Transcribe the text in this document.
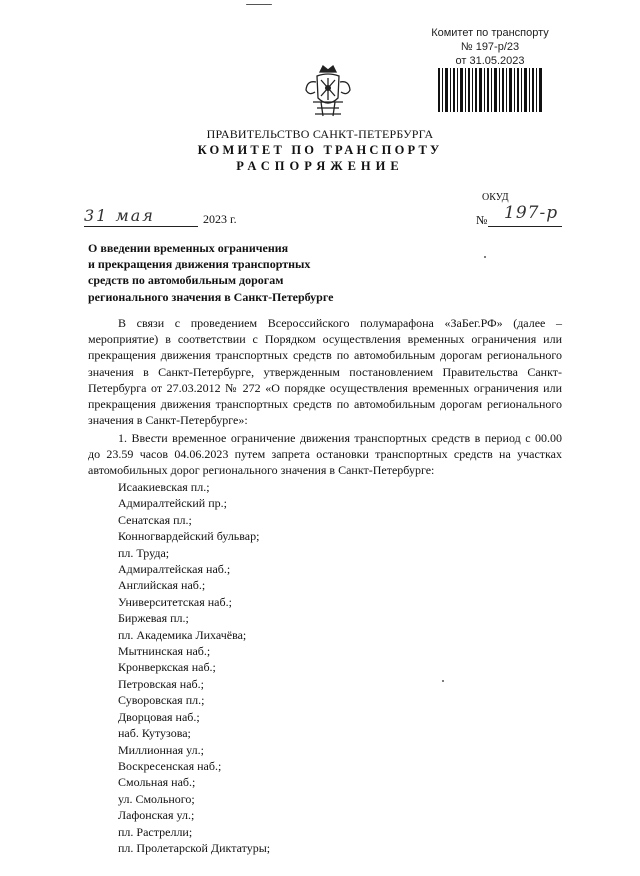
Комитет по транспорту
№ 197-р/23
от 31.05.2023
ПРАВИТЕЛЬСТВО САНКТ-ПЕТЕРБУРГА
КОМИТЕТ ПО ТРАНСПОРТУ
РАСПОРЯЖЕНИЕ
ОКУД
31 мая	2023 г.	№ 197-р
О введении временных ограничения
и прекращения движения транспортных
средств по автомобильным дорогам
регионального значения в Санкт-Петербурге
В связи с проведением Всероссийского полумарафона «ЗаБег.РФ» (далее – мероприятие) в соответствии с Порядком осуществления временных ограничения или прекращения движения транспортных средств по автомобильным дорогам регионального значения в Санкт-Петербурге, утвержденным постановлением Правительства Санкт-Петербурга от 27.03.2012 № 272 «О порядке осуществления временных ограничения или прекращения движения транспортных средств по автомобильным дорогам регионального значения в Санкт-Петербурге»:
1. Ввести временное ограничение движения транспортных средств в период с 00.00 до 23.59 часов 04.06.2023 путем запрета остановки транспортных средств на участках автомобильных дорог регионального значения в Санкт-Петербурге:
Исаакиевская пл.;
Адмиралтейский пр.;
Сенатская пл.;
Конногвардейский бульвар;
пл. Труда;
Адмиралтейская наб.;
Английская наб.;
Университетская наб.;
Биржевая пл.;
пл. Академика Лихачёва;
Мытнинская наб.;
Кронверкская наб.;
Петровская наб.;
Суворовская пл.;
Дворцовая наб.;
наб. Кутузова;
Миллионная ул.;
Воскресенская наб.;
Смольная наб.;
ул. Смольного;
Лафонская ул.;
пл. Растрелли;
пл. Пролетарской Диктатуры;
